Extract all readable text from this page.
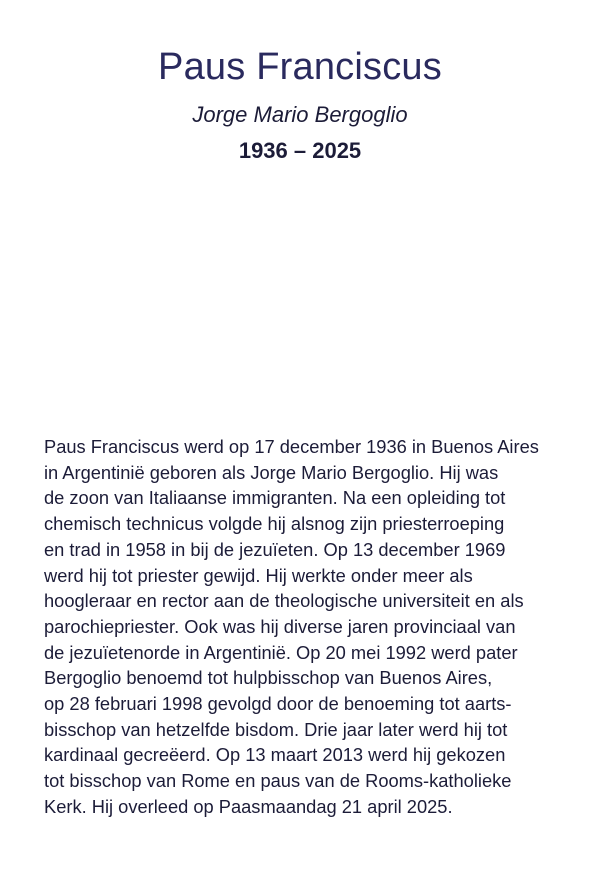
Paus Franciscus
Jorge Mario Bergoglio
1936 – 2025
Paus Franciscus werd op 17 december 1936 in Buenos Aires
in Argentinië geboren als Jorge Mario Bergoglio. Hij was
de zoon van Italiaanse immigranten. Na een opleiding tot
chemisch technicus volgde hij alsnog zijn priesterroeping
en trad in 1958 in bij de jezuïeten. Op 13 december 1969
werd hij tot priester gewijd. Hij werkte onder meer als
hoogleraar en rector aan de theologische universiteit en als
parochiepriester. Ook was hij diverse jaren provinciaal van
de jezuïetenorde in Argentinië. Op 20 mei 1992 werd pater
Bergoglio benoemd tot hulpbisschop van Buenos Aires,
op 28 februari 1998 gevolgd door de benoeming tot aarts-
bisschop van hetzelfde bisdom. Drie jaar later werd hij tot
kardinaal gecreëerd. Op 13 maart 2013 werd hij gekozen
tot bisschop van Rome en paus van de Rooms-katholieke
Kerk. Hij overleed op Paasmaandag 21 april 2025.
